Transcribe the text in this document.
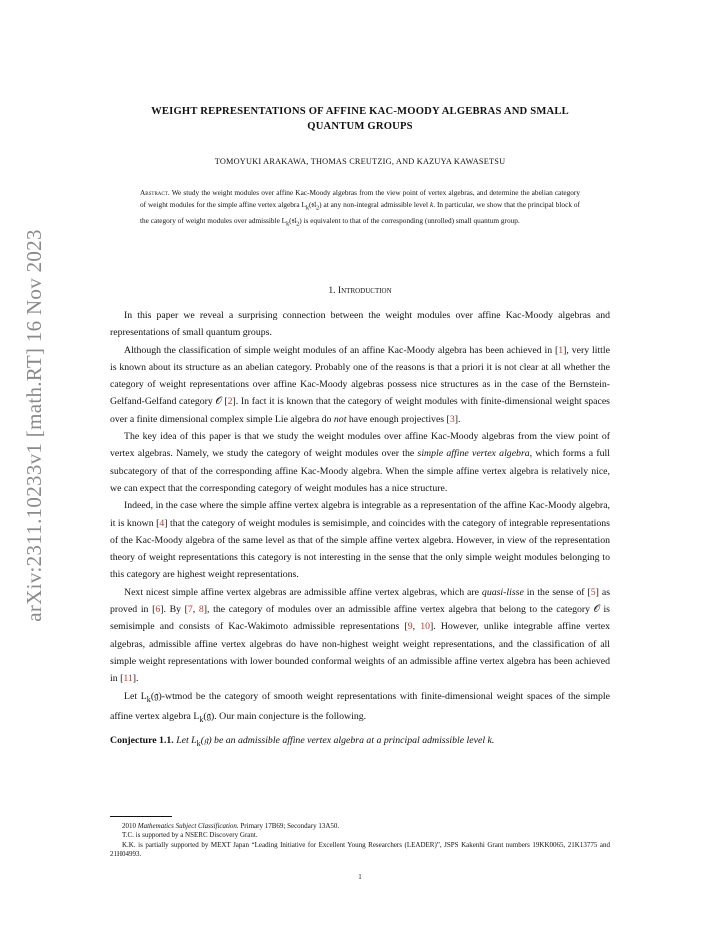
arXiv:2311.10233v1 [math.RT] 16 Nov 2023
WEIGHT REPRESENTATIONS OF AFFINE KAC-MOODY ALGEBRAS AND SMALL
QUANTUM GROUPS
TOMOYUKI ARAKAWA, THOMAS CREUTZIG, AND KAZUYA KAWASETSU

Abstract. We study the weight modules over affine Kac-Moody algebras from the view point of vertex algebras, and determine the abelian category of weight modules for the simple affine vertex algebra $L_k(𝔰𝔩_2)$ at any non-integral admissible level k. In particular, we show that the principal block of the category of weight modules over admissible $L_k(𝔰𝔩_2)$ is equivalent to that of the corresponding (unrolled) small quantum group.

1. Introduction

In this paper we reveal a surprising connection between the weight modules over affine Kac-Moody algebras and representations of small quantum groups.

Although the classification of simple weight modules of an affine Kac-Moody algebra has been achieved in [1], very little is known about its structure as an abelian category. Probably one of the reasons is that a priori it is not clear at all whether the category of weight representations over affine Kac-Moody algebras possess nice structures as in the case of the Bernstein-Gelfand-Gelfand category 𝒪 [2]. In fact it is known that the category of weight modules with finite-dimensional weight spaces over a finite dimensional complex simple Lie algebra do not have enough projectives [3].

The key idea of this paper is that we study the weight modules over affine Kac-Moody algebras from the view point of vertex algebras. Namely, we study the category of weight modules over the simple affine vertex algebra, which forms a full subcategory of that of the corresponding affine Kac-Moody algebra. When the simple affine vertex algebra is relatively nice, we can expect that the corresponding category of weight modules has a nice structure.

Indeed, in the case where the simple affine vertex algebra is integrable as a representation of the affine Kac-Moody algebra, it is known [4] that the category of weight modules is semisimple, and coincides with the category of integrable representations of the Kac-Moody algebra of the same level as that of the simple affine vertex algebra. However, in view of the representation theory of weight representations this category is not interesting in the sense that the only simple weight modules belonging to this category are highest weight representations.

Next nicest simple affine vertex algebras are admissible affine vertex algebras, which are quasi-lisse in the sense of [5] as proved in [6]. By [7, 8], the category of modules over an admissible affine vertex algebra that belong to the category 𝒪 is semisimple and consists of Kac-Wakimoto admissible representations [9, 10]. However, unlike integrable affine vertex algebras, admissible affine vertex algebras do have non-highest weight weight representations, and the classification of all simple weight representations with lower bounded conformal weights of an admissible affine vertex algebra has been achieved in [11].

Let $L_k(𝔤)$-wtmod be the category of smooth weight representations with finite-dimensional weight spaces of the simple affine vertex algebra $L_k(𝔤)$. Our main conjecture is the following.

Conjecture 1.1. Let $L_k(𝔤)$ be an admissible affine vertex algebra at a principal admissible level k.

2010 Mathematics Subject Classification. Primary 17B69; Secondary 13A50.

T.C. is supported by a NSERC Discovery Grant.

K.K. is partially supported by MEXT Japan “Leading Initiative for Excellent Young Researchers (LEADER)”, JSPS Kakenhi Grant numbers 19KK0065, 21K13775 and 21H04993.

1
